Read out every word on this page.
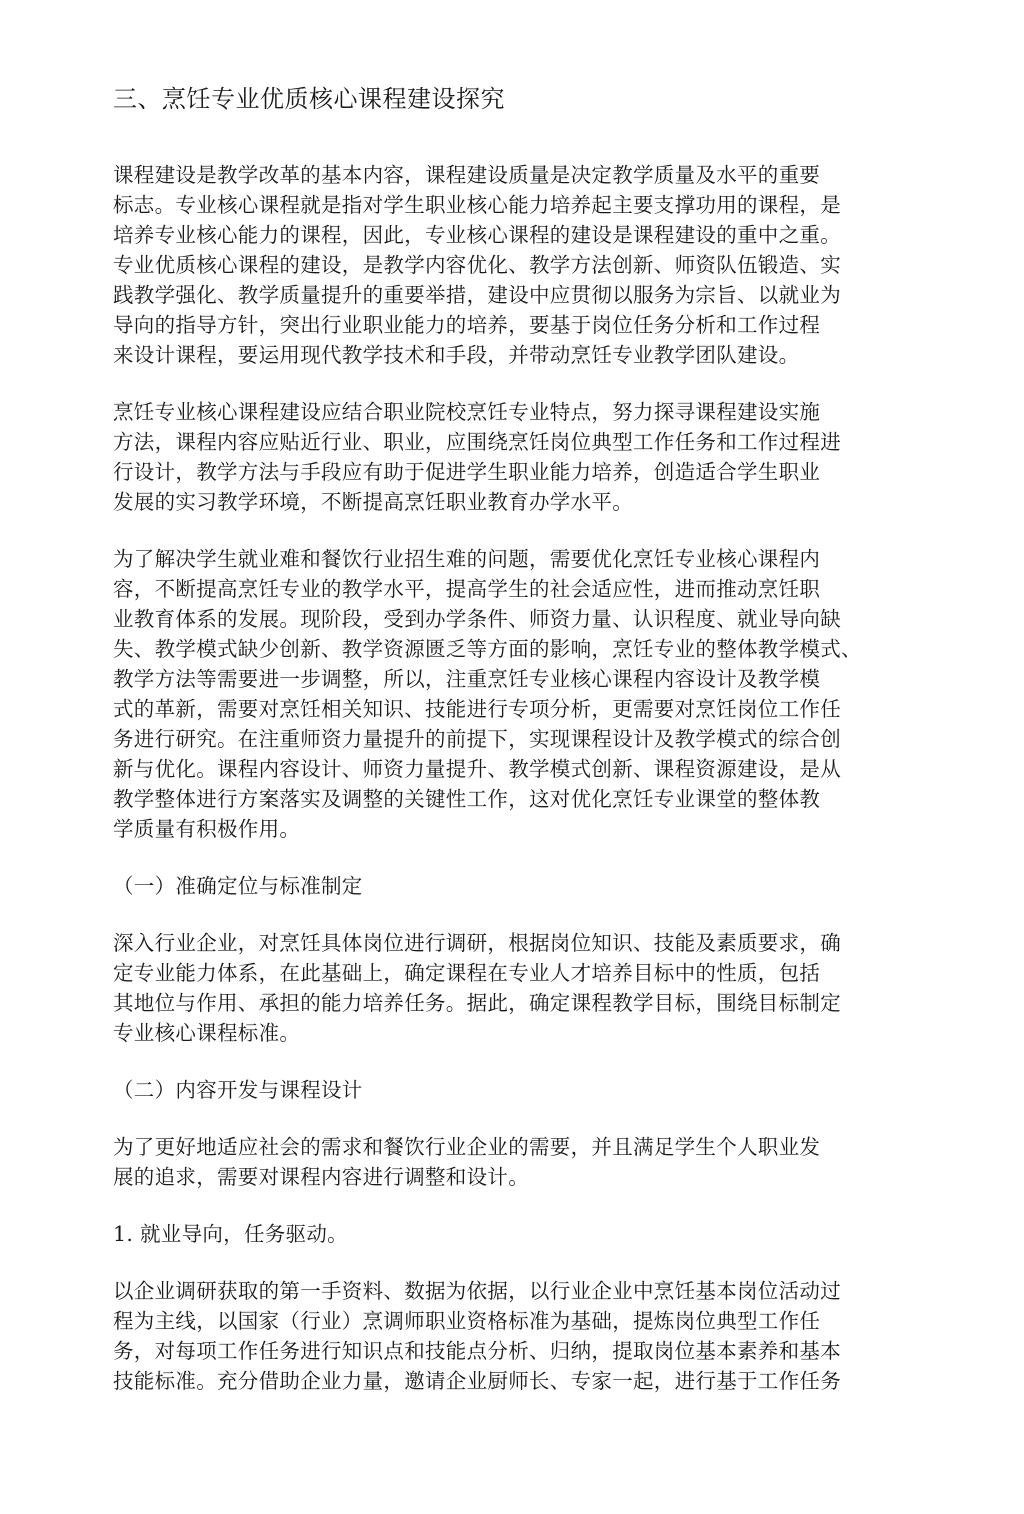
三、烹饪专业优质核心课程建设探究
课程建设是教学改革的基本内容，课程建设质量是决定教学质量及水平的重要
标志。专业核心课程就是指对学生职业核心能力培养起主要支撑功用的课程，是
培养专业核心能力的课程，因此，专业核心课程的建设是课程建设的重中之重。
专业优质核心课程的建设，是教学内容优化、教学方法创新、师资队伍锻造、实
践教学强化、教学质量提升的重要举措，建设中应贯彻以服务为宗旨、以就业为
导向的指导方针，突出行业职业能力的培养，要基于岗位任务分析和工作过程
来设计课程，要运用现代教学技术和手段，并带动烹饪专业教学团队建设。
烹饪专业核心课程建设应结合职业院校烹饪专业特点，努力探寻课程建设实施
方法，课程内容应贴近行业、职业，应围绕烹饪岗位典型工作任务和工作过程进
行设计，教学方法与手段应有助于促进学生职业能力培养，创造适合学生职业
发展的实习教学环境，不断提高烹饪职业教育办学水平。
为了解决学生就业难和餐饮行业招生难的问题，需要优化烹饪专业核心课程内
容，不断提高烹饪专业的教学水平，提高学生的社会适应性，进而推动烹饪职
业教育体系的发展。现阶段，受到办学条件、师资力量、认识程度、就业导向缺
失、教学模式缺少创新、教学资源匮乏等方面的影响，烹饪专业的整体教学模式、
教学方法等需要进一步调整，所以，注重烹饪专业核心课程内容设计及教学模
式的革新，需要对烹饪相关知识、技能进行专项分析，更需要对烹饪岗位工作任
务进行研究。在注重师资力量提升的前提下，实现课程设计及教学模式的综合创
新与优化。课程内容设计、师资力量提升、教学模式创新、课程资源建设，是从
教学整体进行方案落实及调整的关键性工作，这对优化烹饪专业课堂的整体教
学质量有积极作用。
（一）准确定位与标准制定
深入行业企业，对烹饪具体岗位进行调研，根据岗位知识、技能及素质要求，确
定专业能力体系，在此基础上，确定课程在专业人才培养目标中的性质，包括
其地位与作用、承担的能力培养任务。据此，确定课程教学目标，围绕目标制定
专业核心课程标准。
（二）内容开发与课程设计
为了更好地适应社会的需求和餐饮行业企业的需要，并且满足学生个人职业发
展的追求，需要对课程内容进行调整和设计。
1. 就业导向，任务驱动。
以企业调研获取的第一手资料、数据为依据，以行业企业中烹饪基本岗位活动过
程为主线，以国家（行业）烹调师职业资格标准为基础，提炼岗位典型工作任
务，对每项工作任务进行知识点和技能点分析、归纳，提取岗位基本素养和基本
技能标准。充分借助企业力量，邀请企业厨师长、专家一起，进行基于工作任务
